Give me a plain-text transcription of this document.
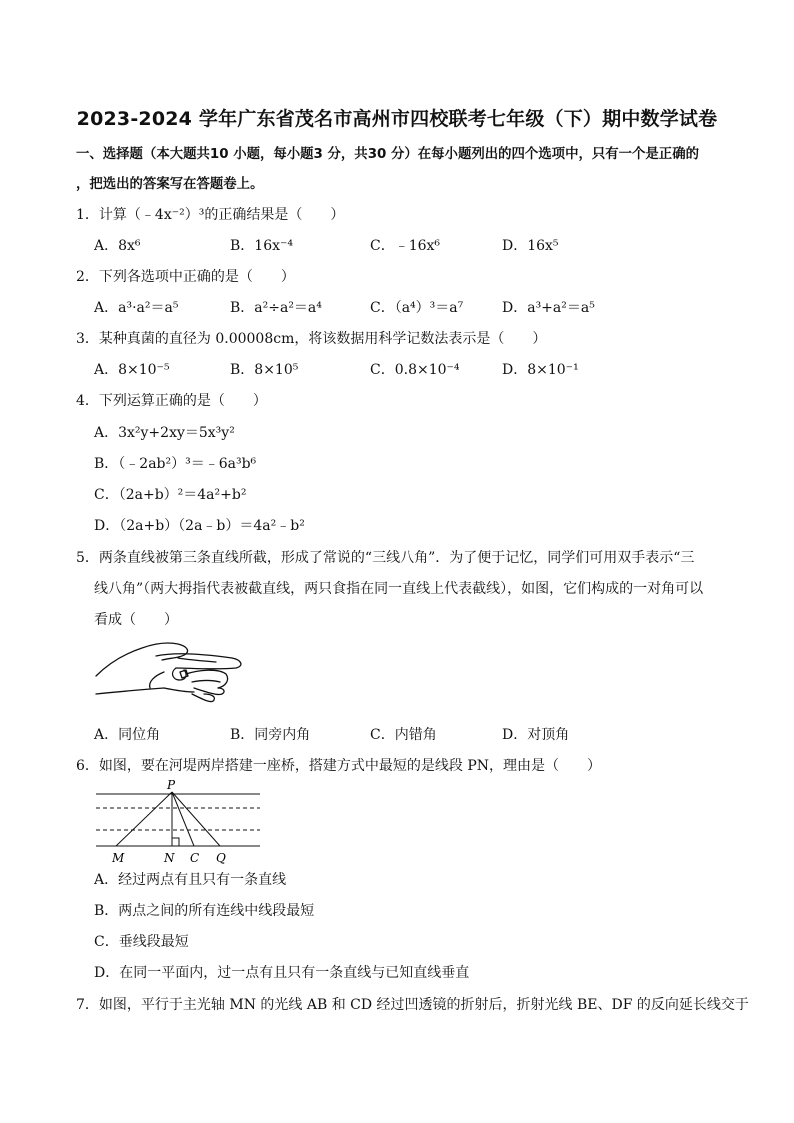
2023-2024 学年广东省茂名市高州市四校联考七年级（下）期中数学试卷
一、选择题（本大题共10 小题，每小题3 分，共30 分）在每小题列出的四个选项中，只有一个是正确的
，把选出的答案写在答题卷上。
1．计算（﹣4x⁻²）³的正确结果是（　　）
A．8x⁶	B．16x⁻⁴	C．﹣16x⁶	D．16x⁵
2．下列各选项中正确的是（　　）
A．a³·a²＝a⁵	B．a²÷a²＝a⁴	C．（a⁴）³＝a⁷	D．a³+a²＝a⁵
3．某种真菌的直径为 0.00008cm，将该数据用科学记数法表示是（　　）
A．8×10⁻⁵	B．8×10⁵	C．0.8×10⁻⁴	D．8×10⁻¹
4．下列运算正确的是（　　）
A．3x²y+2xy＝5x³y²
B．（﹣2ab²）³＝﹣6a³b⁶
C．（2a+b）²＝4a²+b²
D．（2a+b）（2a﹣b）＝4a²﹣b²
5．两条直线被第三条直线所截，形成了常说的“三线八角”．为了便于记忆，同学们可用双手表示“三
线八角”（两大拇指代表被截直线，两只食指在同一直线上代表截线），如图，它们构成的一对角可以
看成（　　）
A．同位角	B．同旁内角	C．内错角	D．对顶角
6．如图，要在河堤两岸搭建一座桥，搭建方式中最短的是线段 PN，理由是（　　）
P
M	N C Q
A．经过两点有且只有一条直线
B．两点之间的所有连线中线段最短
C．垂线段最短
D．在同一平面内，过一点有且只有一条直线与已知直线垂直
7．如图，平行于主光轴 MN 的光线 AB 和 CD 经过凹透镜的折射后，折射光线 BE、DF 的反向延长线交于
